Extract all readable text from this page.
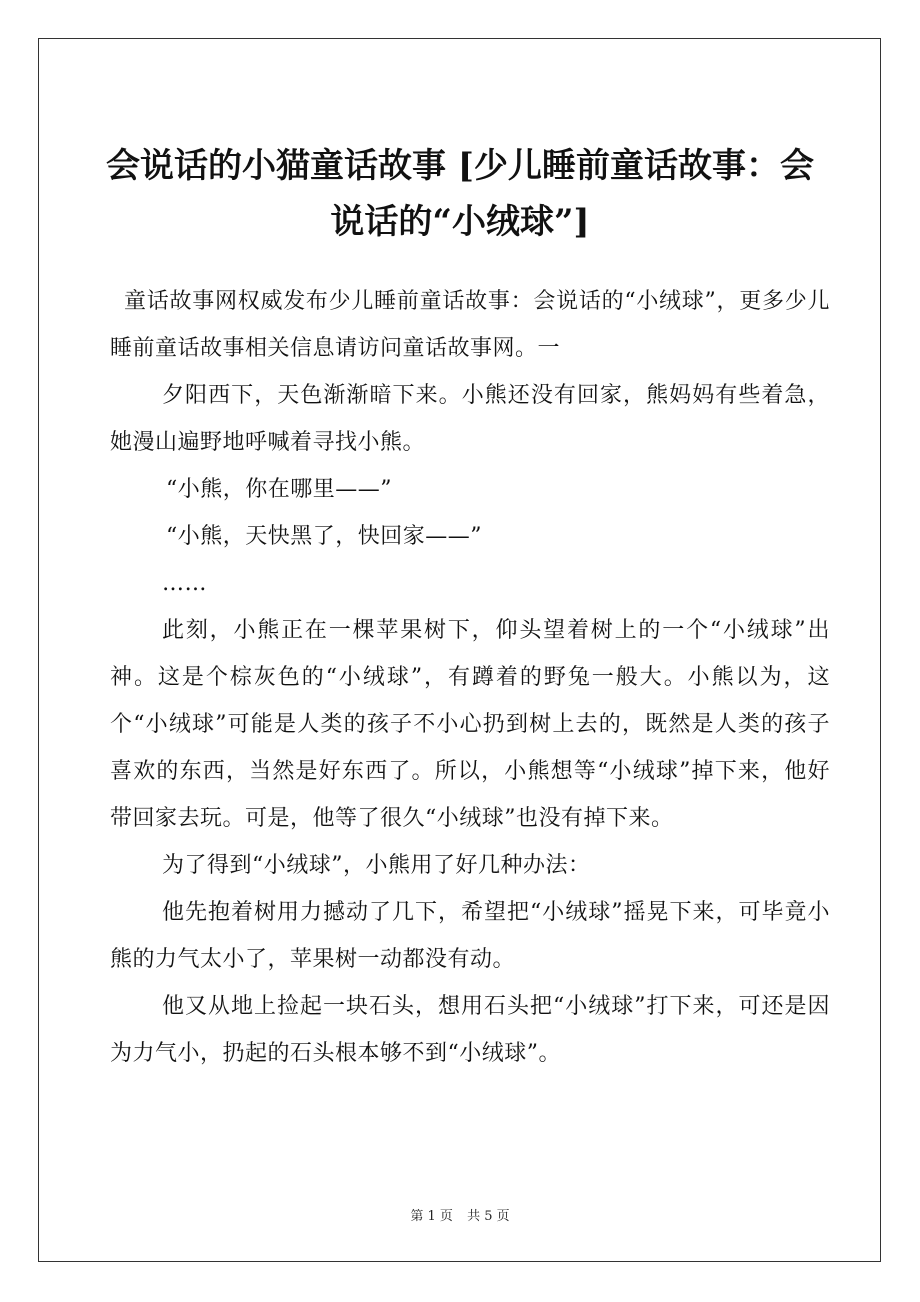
会说话的小猫童话故事 [少儿睡前童话故事：会
说话的“小绒球”]

童话故事网权威发布少儿睡前童话故事：会说话的“小绒球”，更多少儿睡前童话故事相关信息请访问童话故事网。一

夕阳西下，天色渐渐暗下来。小熊还没有回家，熊妈妈有些着急，她漫山遍野地呼喊着寻找小熊。

“小熊，你在哪里——”

“小熊，天快黑了，快回家——”

……

此刻，小熊正在一棵苹果树下，仰头望着树上的一个“小绒球”出神。这是个棕灰色的“小绒球”，有蹲着的野兔一般大。小熊以为，这个“小绒球”可能是人类的孩子不小心扔到树上去的，既然是人类的孩子喜欢的东西，当然是好东西了。所以，小熊想等“小绒球”掉下来，他好带回家去玩。可是，他等了很久“小绒球”也没有掉下来。

为了得到“小绒球”，小熊用了好几种办法：

他先抱着树用力撼动了几下，希望把“小绒球”摇晃下来，可毕竟小熊的力气太小了，苹果树一动都没有动。

他又从地上捡起一块石头，想用石头把“小绒球”打下来，可还是因为力气小，扔起的石头根本够不到“小绒球”。

第 1 页 共 5 页
